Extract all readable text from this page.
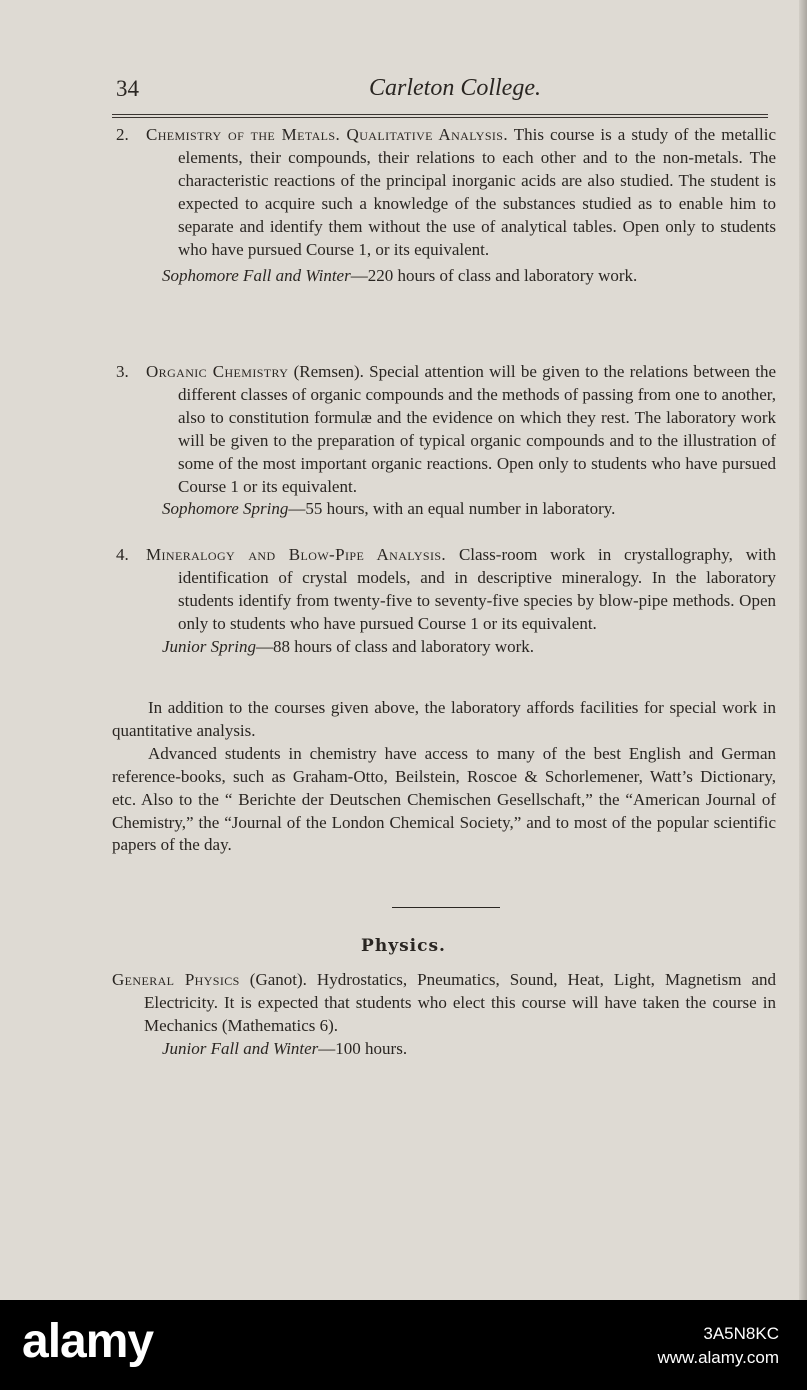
34	Carleton College.
2.	Chemistry of the Metals. Qualitative Analysis. This course is a study of the metallic elements, their compounds, their relations to each other and to the non-metals. The characteristic reactions of the principal inorganic acids are also studied. The student is expected to acquire such a knowledge of the substances studied as to enable him to separate and identify them without the use of analytical tables. Open only to students who have pursued Course 1, or its equivalent.

Sophomore Fall and Winter—220 hours of class and laboratory work.

3.	Organic Chemistry (Remsen). Special attention will be given to the relations between the different classes of organic compounds and the methods of passing from one to another, also to constitution formulæ and the evidence on which they rest. The laboratory work will be given to the preparation of typical organic compounds and to the illustration of some of the most important organic reactions. Open only to students who have pursued Course 1 or its equivalent.

Sophomore Spring—55 hours, with an equal number in laboratory.

4.	Mineralogy and Blow-Pipe Analysis. Class-room work in crystallography, with identification of crystal models, and in descriptive mineralogy. In the laboratory students identify from twenty-five to seventy-five species by blow-pipe methods. Open only to students who have pursued Course 1 or its equivalent.

Junior Spring—88 hours of class and laboratory work.

In addition to the courses given above, the laboratory affords facilities for special work in quantitative analysis.

Advanced students in chemistry have access to many of the best English and German reference-books, such as Graham-Otto, Beilstein, Roscoe & Schorlemener, Watt’s Dictionary, etc. Also to the “ Berichte der Deutschen Chemischen Gesellschaft,” the “American Journal of Chemistry,” the “Journal of the London Chemical Society,” and to most of the popular scientific papers of the day.

Physics.

General Physics (Ganot). Hydrostatics, Pneumatics, Sound, Heat, Light, Magnetism and Electricity. It is expected that students who elect this course will have taken the course in Mechanics (Mathematics 6).

Junior Fall and Winter—100 hours.

alamy	3A5N8KC
www.alamy.com
